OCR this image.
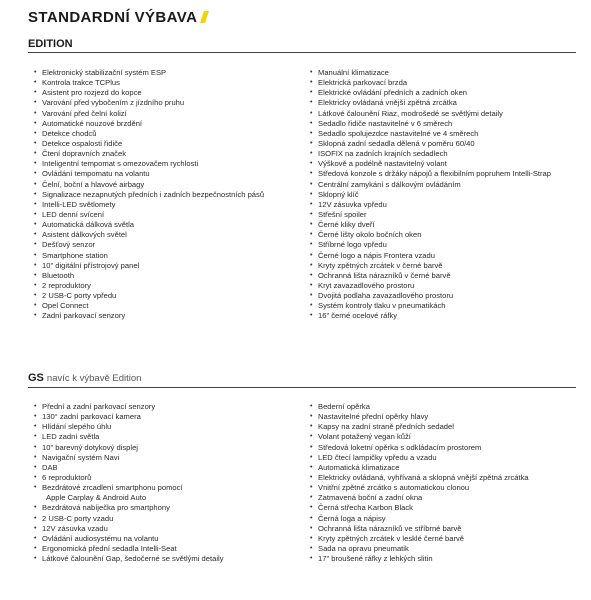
STANDARDNÍ VÝBAVA
EDITION
• Elektronický stabilizační systém ESP
• Kontrola trakce TCPlus
• Asistent pro rozjezd do kopce
• Varování před vybočením z jízdního pruhu
• Varování před čelní kolizí
• Automatické nouzové brzdění
• Detekce chodců
• Detekce ospalosti řidiče
• Čtení dopravních značek
• Inteligentní tempomat s omezovačem rychlosti
• Ovládání tempomatu na volantu
• Čelní, boční a hlavové airbagy
• Signalizace nezapnutých předních i zadních bezpečnostních pásů
• Intelli-LED světlomety
• LED denní svícení
• Automatická dálková světla
• Asistent dálkových světel
• Dešťový senzor
• Smartphone station
• 10" digitální přístrojový panel
• Bluetooth
• 2 reproduktory
• 2 USB-C porty vpředu
• Opel Connect
• Zadní parkovací senzory
• Manuální klimatizace
• Elektrická parkovací brzda
• Elektrické ovládání předních a zadních oken
• Elektricky ovládaná vnější zpětná zrcátka
• Látkové čalounění Riaz, modrošedé se světlými detaily
• Sedadlo řidiče nastavitelné v 6 směrech
• Sedadlo spolujezdce nastavitelné ve 4 směrech
• Sklopná zadní sedadla dělená v poměru 60/40
• ISOFIX na zadních krajních sedadlech
• Výškově a podélně nastavitelný volant
• Středová konzole s držáky nápojů a flexibilním popruhem Intelli-Strap
• Centrální zamykání s dálkovým ovládáním
• Sklopný klíč
• 12V zásuvka vpředu
• Střešní spoiler
• Černé kliky dveří
• Černé lišty okolo bočních oken
• Stříbrné logo vpředu
• Černé logo a nápis Frontera vzadu
• Kryty zpětných zrcátek v černé barvě
• Ochranná lišta nárazníků v černé barvě
• Kryt zavazadlového prostoru
• Dvojitá podlaha zavazadlového prostoru
• Systém kontroly tlaku v pneumatikách
• 16" černé ocelové ráfky
GS navíc k výbavě Edition
• Přední a zadní parkovací senzory
• 130° zadní parkovací kamera
• Hlídání slepého úhlu
• LED zadní světla
• 10" barevný dotykový displej
• Navigační systém Navi
• DAB
• 6 reproduktorů
• Bezdrátové zrcadlení smartphonu pomocí
Apple Carplay & Android Auto
• Bezdrátová nabíječka pro smartphony
• 2 USB-C porty vzadu
• 12V zásuvka vzadu
• Ovládání audiosystému na volantu
• Ergonomická přední sedadla Intelli-Seat
• Látkové čalounění Gap, šedočerné se světlými detaily
• Bederní opěrka
• Nastavitelné přední opěrky hlavy
• Kapsy na zadní straně předních sedadel
• Volant potažený vegan kůží
• Středová loketní opěrka s odkládacím prostorem
• LED čtecí lampičky vpředu a vzadu
• Automatická klimatizace
• Elektricky ovládaná, vyhřívaná a sklopná vnější zpětná zrcátka
• Vnitřní zpětné zrcátko s automatickou clonou
• Zatmavená boční a zadní okna
• Černá střecha Karbon Black
• Černá loga a nápisy
• Ochranná lišta nárazníků ve stříbrné barvě
• Kryty zpětných zrcátek v lesklé černé barvě
• Sada na opravu pneumatik
• 17" broušené ráfky z lehkých slitin
